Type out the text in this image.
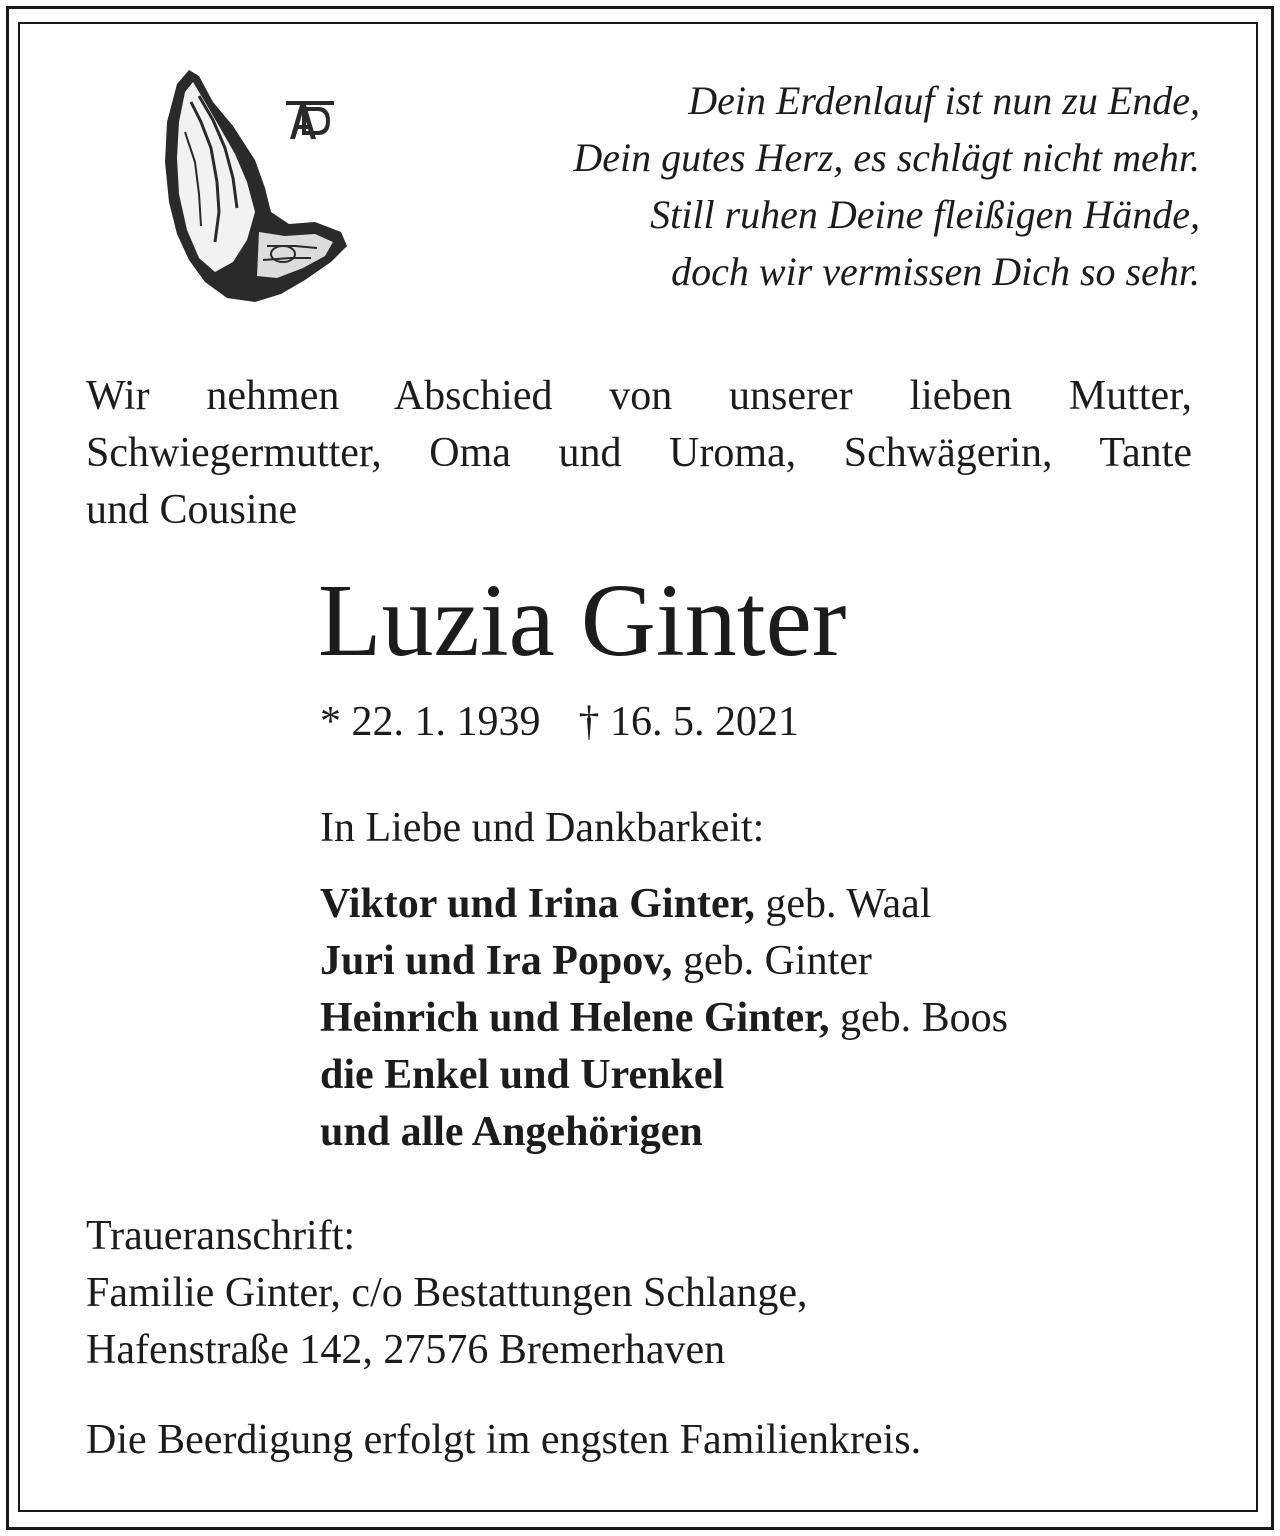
Dein Erdenlauf ist nun zu Ende,
Dein gutes Herz, es schlägt nicht mehr.
Still ruhen Deine fleißigen Hände,
doch wir vermissen Dich so sehr.
Wir nehmen Abschied von unserer lieben Mutter,
Schwiegermutter, Oma und Uroma, Schwägerin, Tante
und Cousine
Luzia Ginter
* 22. 1. 1939 † 16. 5. 2021
In Liebe und Dankbarkeit:
Viktor und Irina Ginter, geb. Waal
Juri und Ira Popov, geb. Ginter
Heinrich und Helene Ginter, geb. Boos
die Enkel und Urenkel
und alle Angehörigen
Traueranschrift:
Familie Ginter, c/o Bestattungen Schlange,
Hafenstraße 142, 27576 Bremerhaven
Die Beerdigung erfolgt im engsten Familienkreis.
